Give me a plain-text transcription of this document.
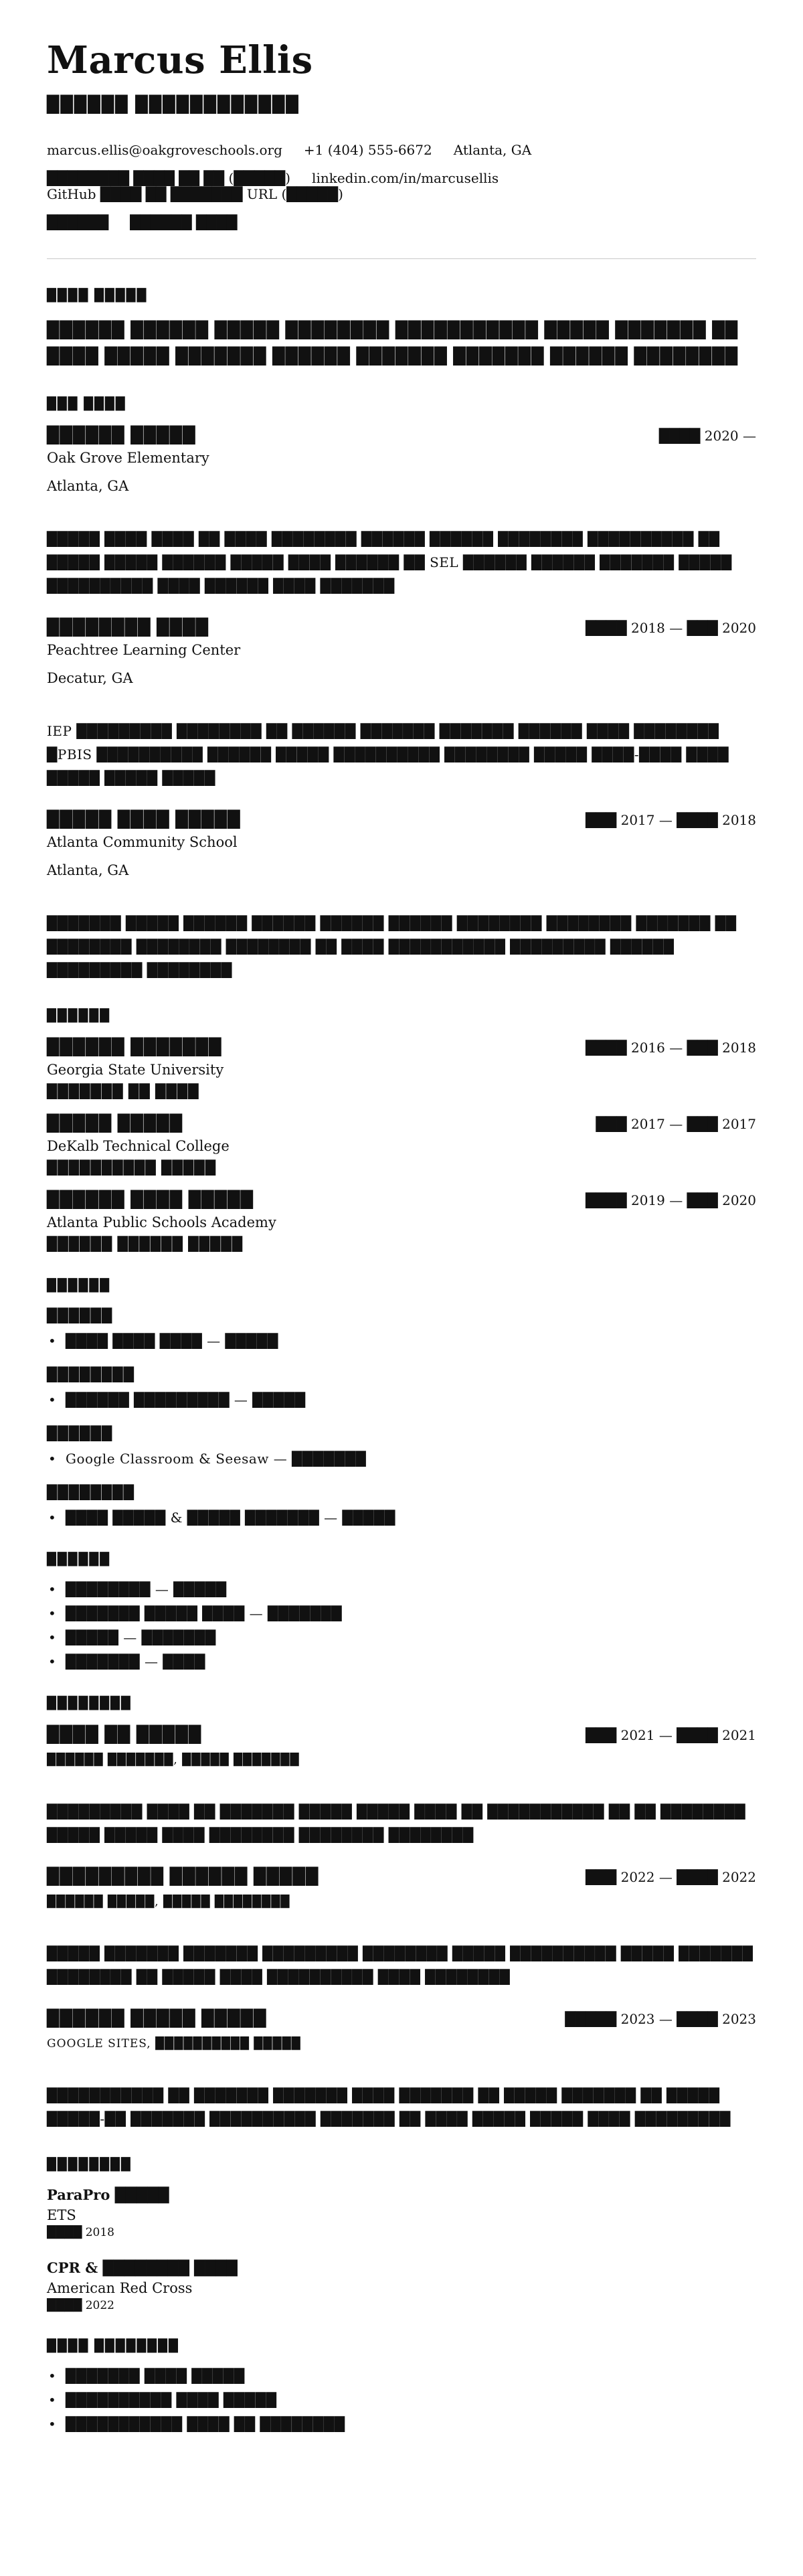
Marcus Ellis
██████ ████████████
marcus.ellis@oakgroveschools.org +1 (404) 555-6672 Atlanta, GA
████████ ████ ██ ██ (█████) linkedin.com/in/marcusellis
GitHub ████ ██ ███████ URL (█████)
██████ ██████ ████
████ █████
██████ ██████ █████ ████████ ███████████ █████ ███████ ██ ████ █████ ███████ ██████ ███████ ███████ ██████ ████████
███ ████
██████ █████	████ 2020 —
Oak Grove Elementary
Atlanta, GA
█████ ████ ████ ██ ████ ████████ ██████ ██████ ████████ ██████████ ██ █████ █████ ██████ █████ ████ ██████ ██ SEL ██████ ██████ ███████ █████ ██████████ ████ ██████ ████ ███████
████████ ████	████ 2018 — ███ 2020
Peachtree Learning Center
Decatur, GA
IEP █████████ ████████ ██ ██████ ███████ ███████ ██████ ████ ████████ █PBIS ██████████ ██████ █████ ██████████ ████████ █████ ████-████ ████ █████ █████ █████
█████ ████ █████	███ 2017 — ████ 2018
Atlanta Community School
Atlanta, GA
███████ █████ ██████ ██████ ██████ ██████ ████████ ████████ ███████ ██ ████████ ████████ ████████ ██ ████ ███████████ █████████ ██████ █████████ ████████
██████
██████ ███████	████ 2016 — ███ 2018
Georgia State University
███████ ██ ████
█████ █████	███ 2017 — ███ 2017
DeKalb Technical College
██████████ █████
██████ ████ █████	████ 2019 — ███ 2020
Atlanta Public Schools Academy
██████ ██████ █████
██████
██████
• ████ ████ ████ — █████
████████
• ██████ █████████ — █████
██████
• Google Classroom & Seesaw — ███████
████████
• ████ █████ & █████ ███████ — █████
██████
• ████████ — █████
• ███████ █████ ████ — ███████
• █████ — ███████
• ███████ — ████
████████
████ ██ █████	███ 2021 — ████ 2021
██████ ███████, █████ ███████
█████████ ████ ██ ███████ █████ █████ ████ ██ ███████████ ██ ██ ████████ █████ █████ ████ ████████ ████████ ████████
█████████ ██████ █████	███ 2022 — ████ 2022
██████ █████, █████ ████████
█████ ███████ ███████ █████████ ████████ █████ ██████████ █████ ███████ ████████ ██ █████ ████ ██████████ ████ ████████
██████ █████ █████	█████ 2023 — ████ 2023
GOOGLE SITES, ██████████ █████
███████████ ██ ███████ ███████ ████ ███████ ██ █████ ███████ ██ █████ █████-██ ███████ ██████████ ███████ ██ ████ █████ █████ ████ █████████
████████
ParaPro █████
ETS
████ 2018
CPR & ████████ ████
American Red Cross
████ 2022
████ ████████
• ███████ ████ █████
• ██████████ ████ █████
• ███████████ ████ ██ ████████
